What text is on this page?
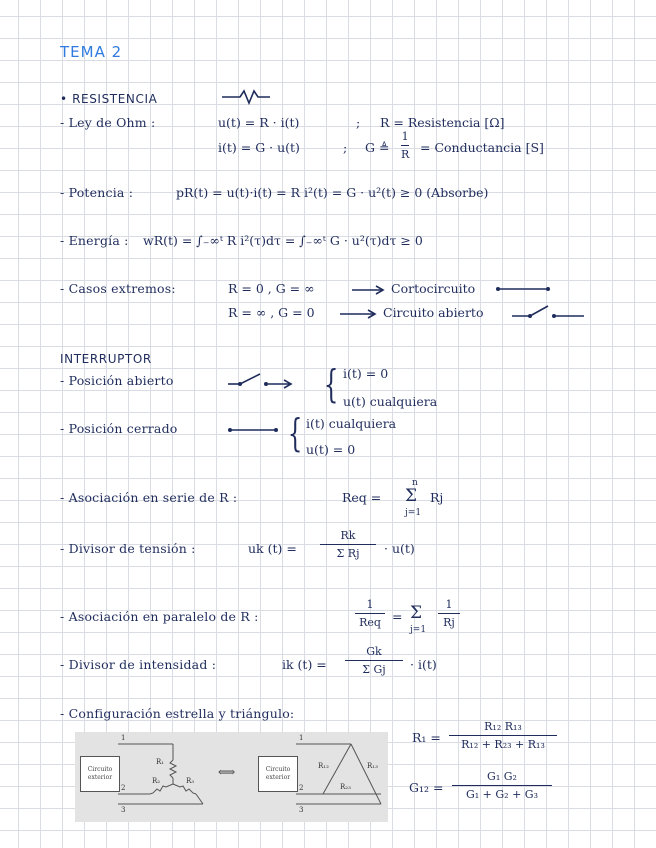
TEMA 2
• RESISTENCIA
- Ley de Ohm :	u(t) = R · i(t)	; R = Resistencia [Ω]
i(t) = G · u(t)	; G ≜
1
R = Conductancia [S]
- Potencia :	pR(t) = u(t)·i(t) = R i²(t) = G · u²(t) ≥ 0 (Absorbe)
- Energía : wR(t) = ∫₋∞ᵗ R i²(τ)dτ = ∫₋∞ᵗ G · u²(τ)dτ ≥ 0
- Casos extremos:	R = 0 , G = ∞	Cortocircuito
R = ∞ , G = 0	Circuito abierto
INTERRUPTOR
- Posición abierto	{ i(t) = 0
u(t) cualquiera
- Posición cerrado	{ i(t) cualquiera
u(t) = 0
- Asociación en serie de R :	Req =
n
Σ
j=1
Rj
- Divisor de tensión :	uk (t) =
Rk
Σ Rj · u(t)
- Asociación en paralelo de R :
1
Req = Σ
j=1
1
Rj
- Divisor de intensidad :	ik (t) =
Gk
Σ Gj · i(t)
- Configuración estrella y triángulo:
R₁ =
R₁₂ R₁₃
R₁₂ + R₂₃ + R₁₃
G₁₂ =
G₁ G₂
G₁ + G₂ + G₃
Circuito exterior
Circuito exterior
1
2
3
R₁
R₂	R₃
⟺
1
2
3
R₁₂	R₁₃
R₂₃
